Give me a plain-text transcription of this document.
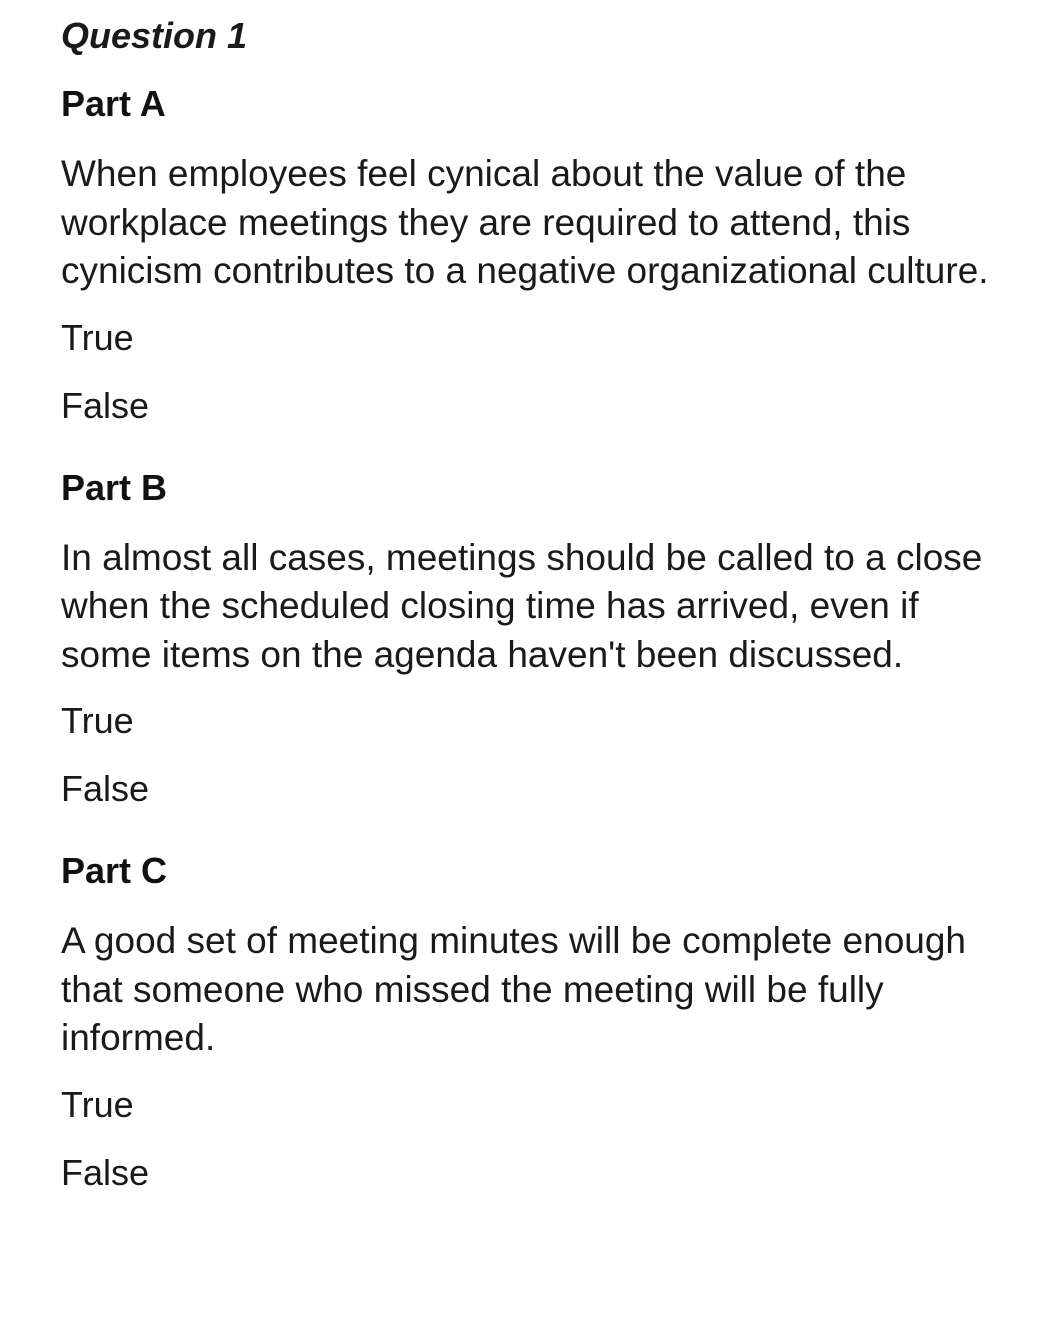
Question 1
Part A

When employees feel cynical about the value of the workplace meetings they are required to attend, this cynicism contributes to a negative organizational culture.

True
False
Part B

In almost all cases, meetings should be called to a close when the scheduled closing time has arrived, even if some items on the agenda haven't been discussed.

True
False
Part C

A good set of meeting minutes will be complete enough that someone who missed the meeting will be fully informed.

True
False
